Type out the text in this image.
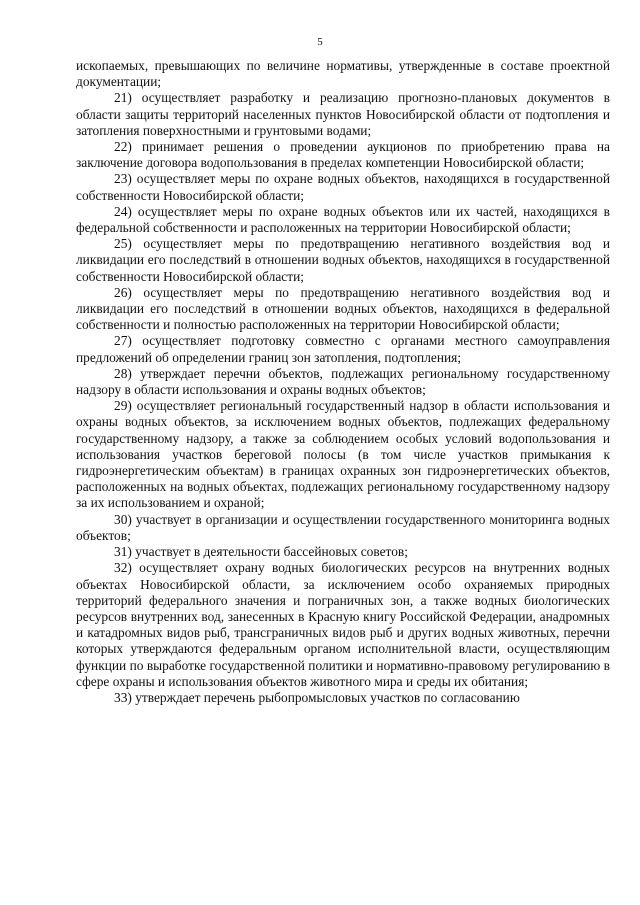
5

ископаемых, превышающих по величине нормативы, утвержденные в составе проектной документации;

21) осуществляет разработку и реализацию прогнозно-плановых документов в области защиты территорий населенных пунктов Новосибирской области от подтопления и затопления поверхностными и грунтовыми водами;

22) принимает решения о проведении аукционов по приобретению права на заключение договора водопользования в пределах компетенции Новосибирской области;

23) осуществляет меры по охране водных объектов, находящихся в государственной собственности Новосибирской области;

24) осуществляет меры по охране водных объектов или их частей, находящихся в федеральной собственности и расположенных на территории Новосибирской области;

25) осуществляет меры по предотвращению негативного воздействия вод и ликвидации его последствий в отношении водных объектов, находящихся в государственной собственности Новосибирской области;

26) осуществляет меры по предотвращению негативного воздействия вод и ликвидации его последствий в отношении водных объектов, находящихся в федеральной собственности и полностью расположенных на территории Новосибирской области;

27) осуществляет подготовку совместно с органами местного самоуправления предложений об определении границ зон затопления, подтопления;

28) утверждает перечни объектов, подлежащих региональному государственному надзору в области использования и охраны водных объектов;

29) осуществляет региональный государственный надзор в области использования и охраны водных объектов, за исключением водных объектов, подлежащих федеральному государственному надзору, а также за соблюдением особых условий водопользования и использования участков береговой полосы (в том числе участков примыкания к гидроэнергетическим объектам) в границах охранных зон гидроэнергетических объектов, расположенных на водных объектах, подлежащих региональному государственному надзору за их использованием и охраной;

30) участвует в организации и осуществлении государственного мониторинга водных объектов;

31) участвует в деятельности бассейновых советов;

32) осуществляет охрану водных биологических ресурсов на внутренних водных объектах Новосибирской области, за исключением особо охраняемых природных территорий федерального значения и пограничных зон, а также водных биологических ресурсов внутренних вод, занесенных в Красную книгу Российской Федерации, анадромных и катадромных видов рыб, трансграничных видов рыб и других водных животных, перечни которых утверждаются федеральным органом исполнительной власти, осуществляющим функции по выработке государственной политики и нормативно-правовому регулированию в сфере охраны и использования объектов животного мира и среды их обитания;

33) утверждает перечень рыбопромысловых участков по согласованию
